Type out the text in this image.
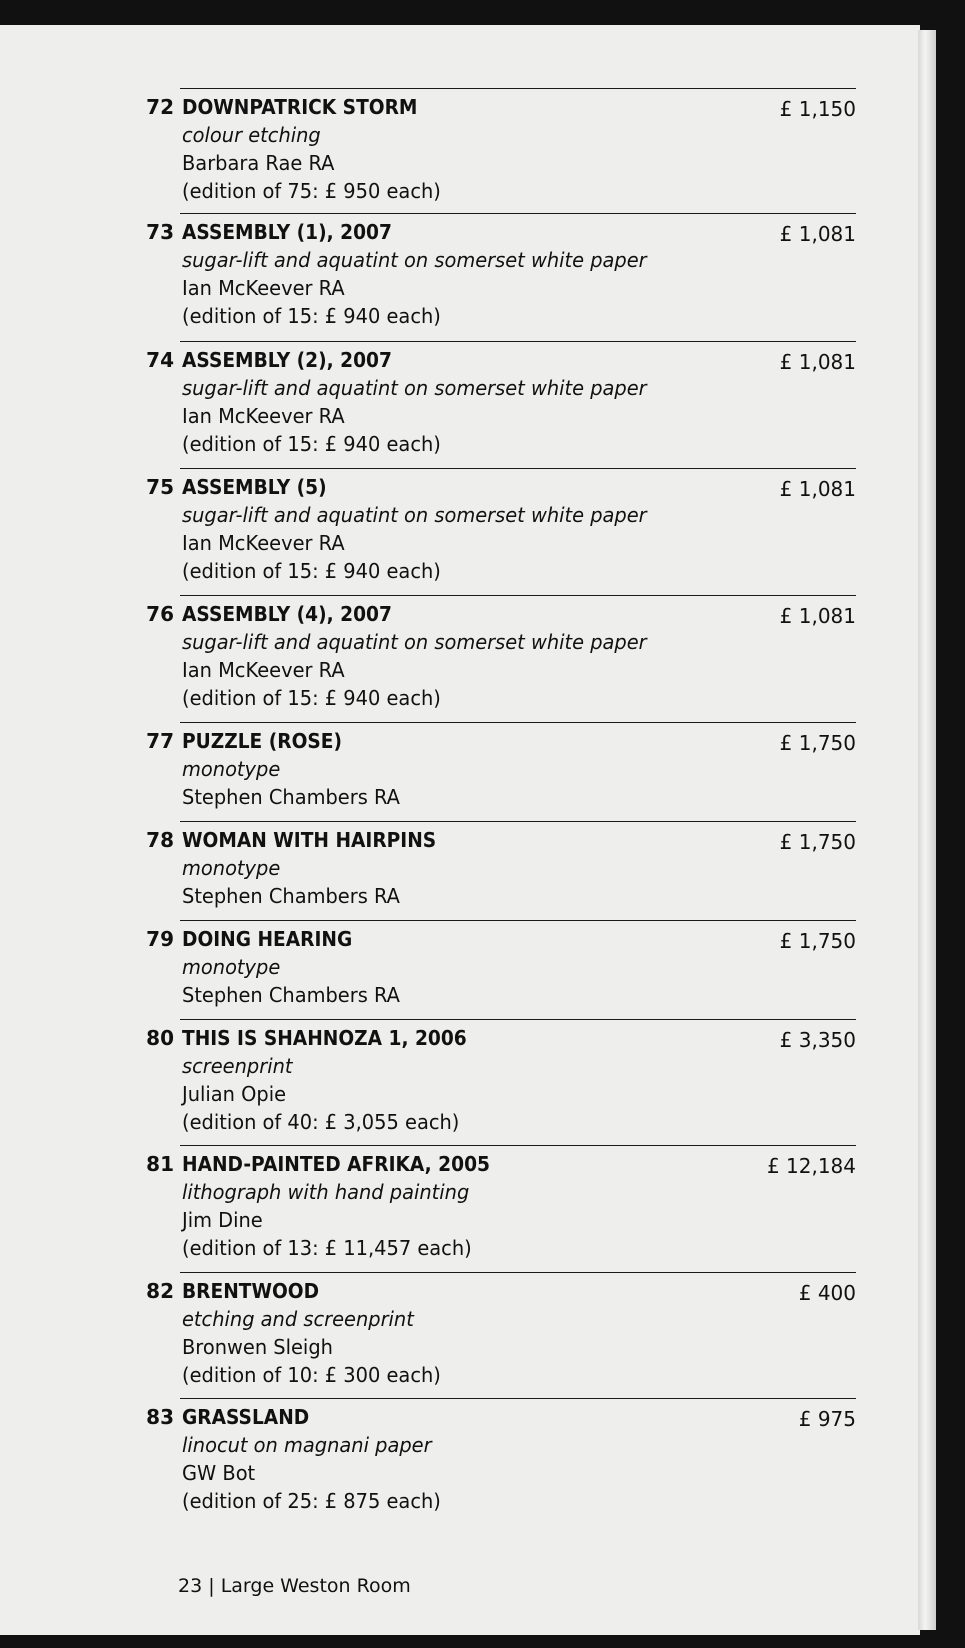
72 DOWNPATRICK STORM	£ 1,150
colour etching
Barbara Rae RA
(edition of 75: £ 950 each)
73 ASSEMBLY (1), 2007	£ 1,081
sugar-lift and aquatint on somerset white paper
Ian McKeever RA
(edition of 15: £ 940 each)
74 ASSEMBLY (2), 2007	£ 1,081
sugar-lift and aquatint on somerset white paper
Ian McKeever RA
(edition of 15: £ 940 each)
75 ASSEMBLY (5)	£ 1,081
sugar-lift and aquatint on somerset white paper
Ian McKeever RA
(edition of 15: £ 940 each)
76 ASSEMBLY (4), 2007	£ 1,081
sugar-lift and aquatint on somerset white paper
Ian McKeever RA
(edition of 15: £ 940 each)
77 PUZZLE (ROSE)	£ 1,750
monotype
Stephen Chambers RA
78 WOMAN WITH HAIRPINS	£ 1,750
monotype
Stephen Chambers RA
79 DOING HEARING	£ 1,750
monotype
Stephen Chambers RA
80 THIS IS SHAHNOZA 1, 2006	£ 3,350
screenprint
Julian Opie
(edition of 40: £ 3,055 each)
81 HAND-PAINTED AFRIKA, 2005	£ 12,184
lithograph with hand painting
Jim Dine
(edition of 13: £ 11,457 each)
82 BRENTWOOD	£ 400
etching and screenprint
Bronwen Sleigh
(edition of 10: £ 300 each)
83 GRASSLAND	£ 975
linocut on magnani paper
GW Bot
(edition of 25: £ 875 each)
23 | Large Weston Room
